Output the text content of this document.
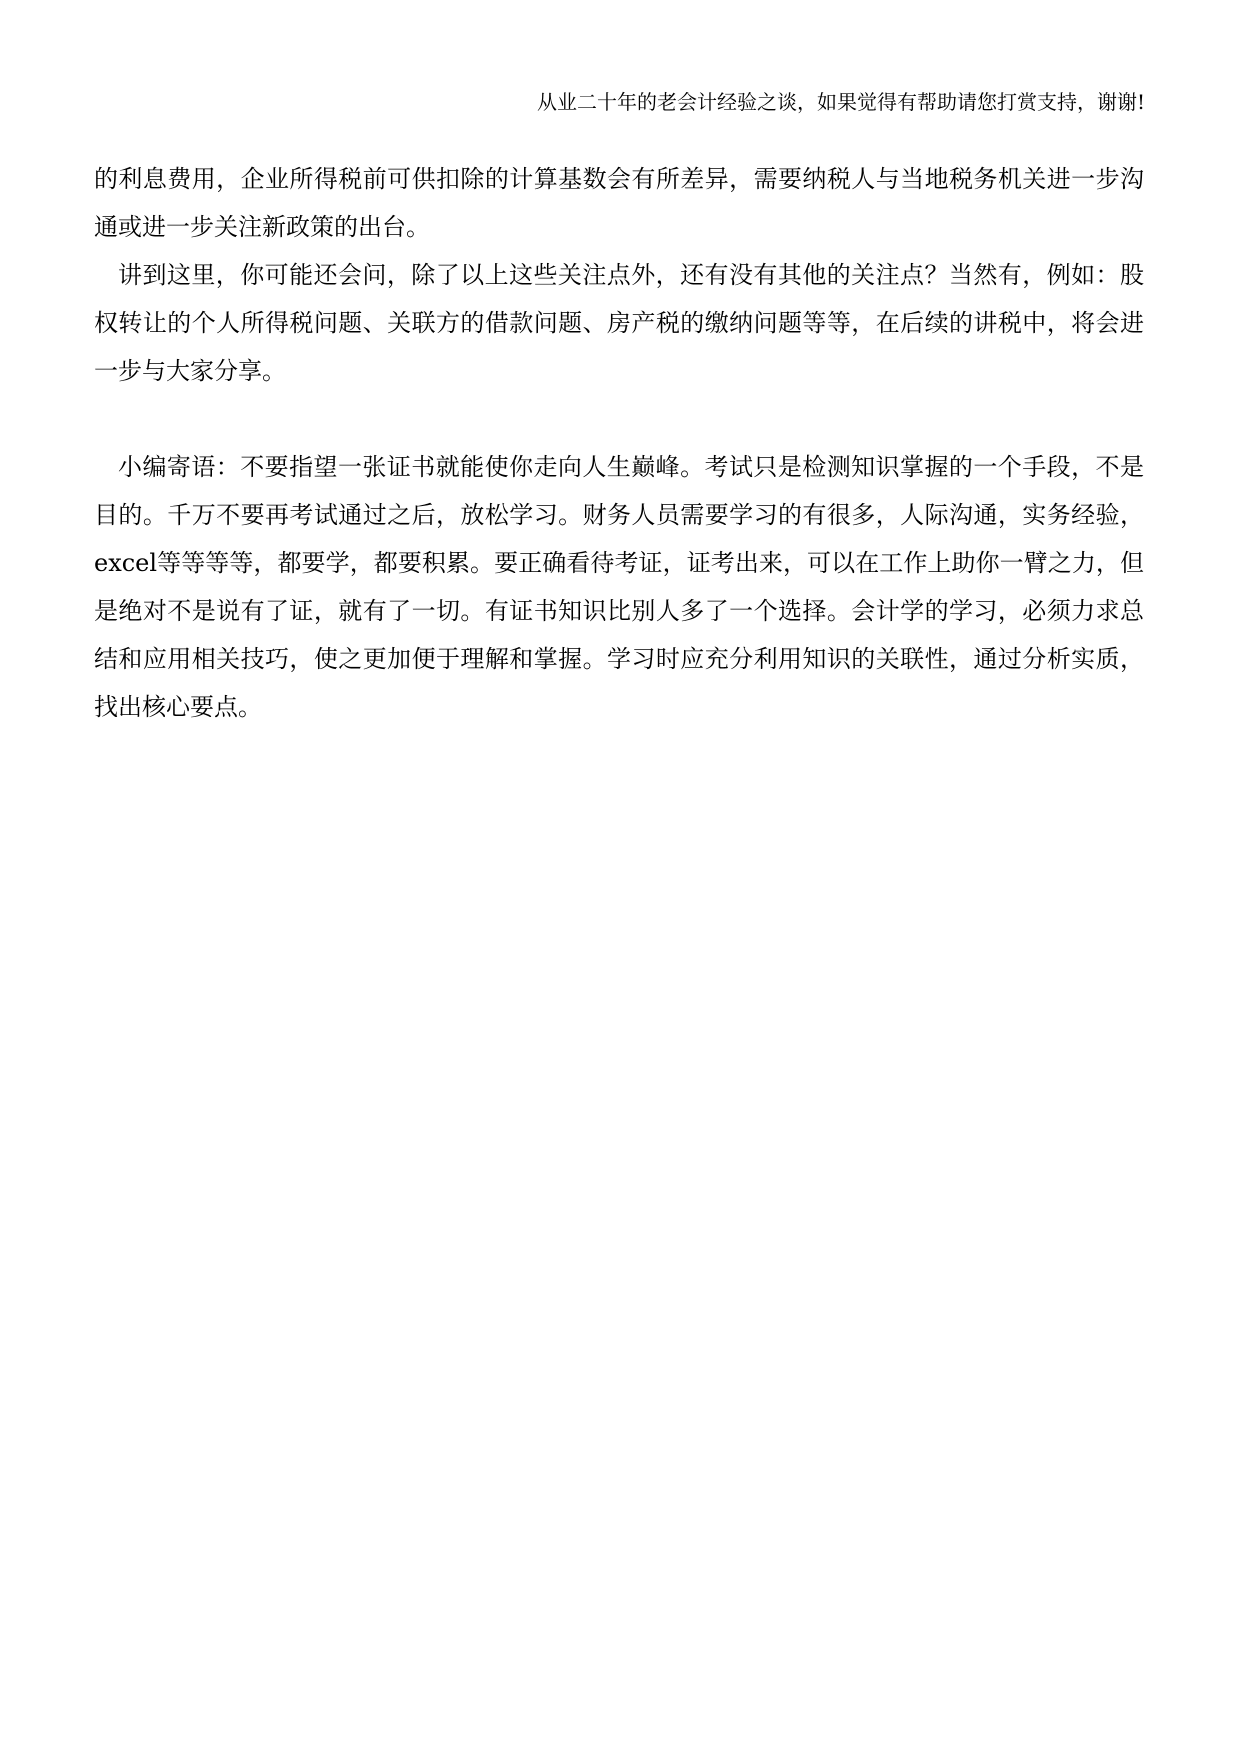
从业二十年的老会计经验之谈，如果觉得有帮助请您打赏支持，谢谢!

的利息费用，企业所得税前可供扣除的计算基数会有所差异，需要纳税人与当地税务机关进一步沟通或进一步关注新政策的出台。

讲到这里，你可能还会问，除了以上这些关注点外，还有没有其他的关注点？当然有，例如：股权转让的个人所得税问题、关联方的借款问题、房产税的缴纳问题等等，在后续的讲税中，将会进一步与大家分享。

小编寄语：不要指望一张证书就能使你走向人生巅峰。考试只是检测知识掌握的一个手段，不是目的。千万不要再考试通过之后，放松学习。财务人员需要学习的有很多，人际沟通，实务经验，excel等等等等，都要学，都要积累。要正确看待考证，证考出来，可以在工作上助你一臂之力，但是绝对不是说有了证，就有了一切。有证书知识比别人多了一个选择。会计学的学习，必须力求总结和应用相关技巧，使之更加便于理解和掌握。学习时应充分利用知识的关联性，通过分析实质，找出核心要点。
